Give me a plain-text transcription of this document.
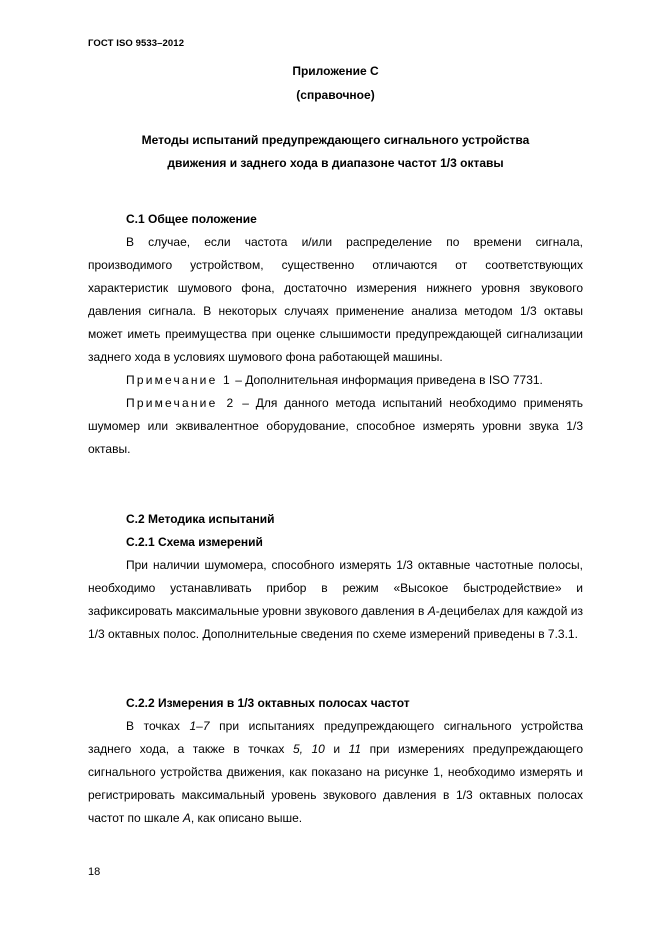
ГОСТ ISO 9533–2012
Приложение С
(справочное)
Методы испытаний предупреждающего сигнального устройства
движения и заднего хода в диапазоне частот 1/3 октавы

С.1 Общее положение

В случае, если частота и/или распределение по времени сигнала, производимого устройством, существенно отличаются от соответствующих характеристик шумового фона, достаточно измерения нижнего уровня звукового давления сигнала. В некоторых случаях применение анализа методом 1/3 октавы может иметь преимущества при оценке слышимости предупреждающей сигнализации заднего хода в условиях шумового фона работающей машины.

Примечание 1 – Дополнительная информация приведена в ISO 7731.

Примечание 2 – Для данного метода испытаний необходимо применять шумомер или эквивалентное оборудование, способное измерять уровни звука 1/3 октавы.

С.2 Методика испытаний

С.2.1 Схема измерений

При наличии шумомера, способного измерять 1/3 октавные частотные полосы, необходимо устанавливать прибор в режим «Высокое быстродействие» и зафиксировать максимальные уровни звукового давления в А-децибелах для каждой из 1/3 октавных полос. Дополнительные сведения по схеме измерений приведены в 7.3.1.

С.2.2 Измерения в 1/3 октавных полосах частот

В точках 1–7 при испытаниях предупреждающего сигнального устройства заднего хода, а также в точках 5, 10 и 11 при измерениях предупреждающего сигнального устройства движения, как показано на рисунке 1, необходимо измерять и регистрировать максимальный уровень звукового давления в 1/3 октавных полосах частот по шкале А, как описано выше.

18
